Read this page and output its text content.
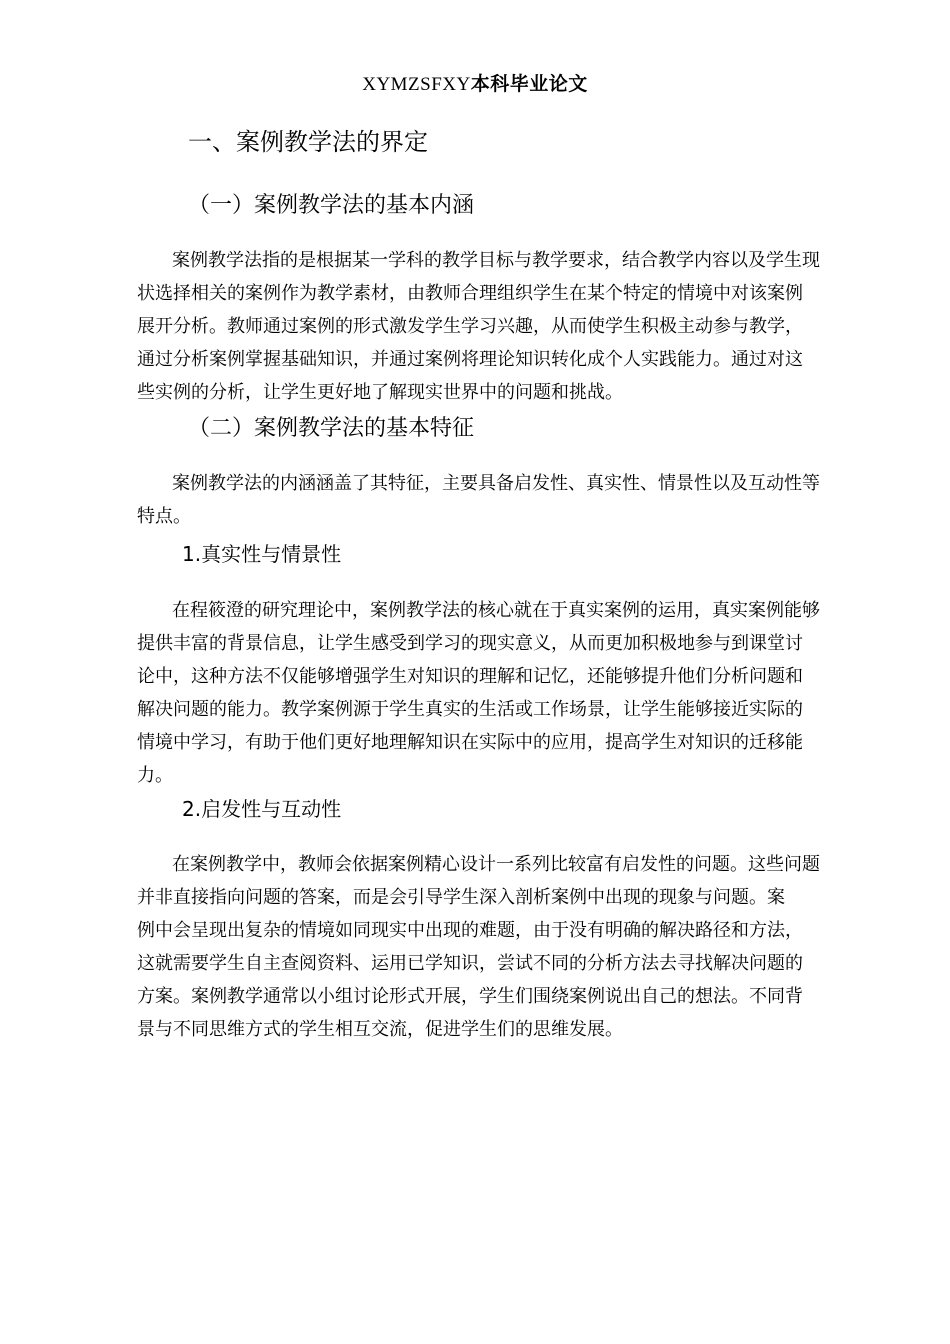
XYMZSFXY本科毕业论文
一、案例教学法的界定
（一）案例教学法的基本内涵
案例教学法指的是根据某一学科的教学目标与教学要求，结合教学内容以及学生现
状选择相关的案例作为教学素材，由教师合理组织学生在某个特定的情境中对该案例
展开分析。教师通过案例的形式激发学生学习兴趣，从而使学生积极主动参与教学，
通过分析案例掌握基础知识，并通过案例将理论知识转化成个人实践能力。通过对这
些实例的分析，让学生更好地了解现实世界中的问题和挑战。
（二）案例教学法的基本特征
案例教学法的内涵涵盖了其特征，主要具备启发性、真实性、情景性以及互动性等
特点。
1.真实性与情景性
在程筱澄的研究理论中，案例教学法的核心就在于真实案例的运用，真实案例能够
提供丰富的背景信息，让学生感受到学习的现实意义，从而更加积极地参与到课堂讨
论中，这种方法不仅能够增强学生对知识的理解和记忆，还能够提升他们分析问题和
解决问题的能力。教学案例源于学生真实的生活或工作场景，让学生能够接近实际的
情境中学习，有助于他们更好地理解知识在实际中的应用，提高学生对知识的迁移能
力。
2.启发性与互动性
在案例教学中，教师会依据案例精心设计一系列比较富有启发性的问题。这些问题
并非直接指向问题的答案，而是会引导学生深入剖析案例中出现的现象与问题。案
例中会呈现出复杂的情境如同现实中出现的难题，由于没有明确的解决路径和方法，
这就需要学生自主查阅资料、运用已学知识，尝试不同的分析方法去寻找解决问题的
方案。案例教学通常以小组讨论形式开展，学生们围绕案例说出自己的想法。不同背
景与不同思维方式的学生相互交流，促进学生们的思维发展。
